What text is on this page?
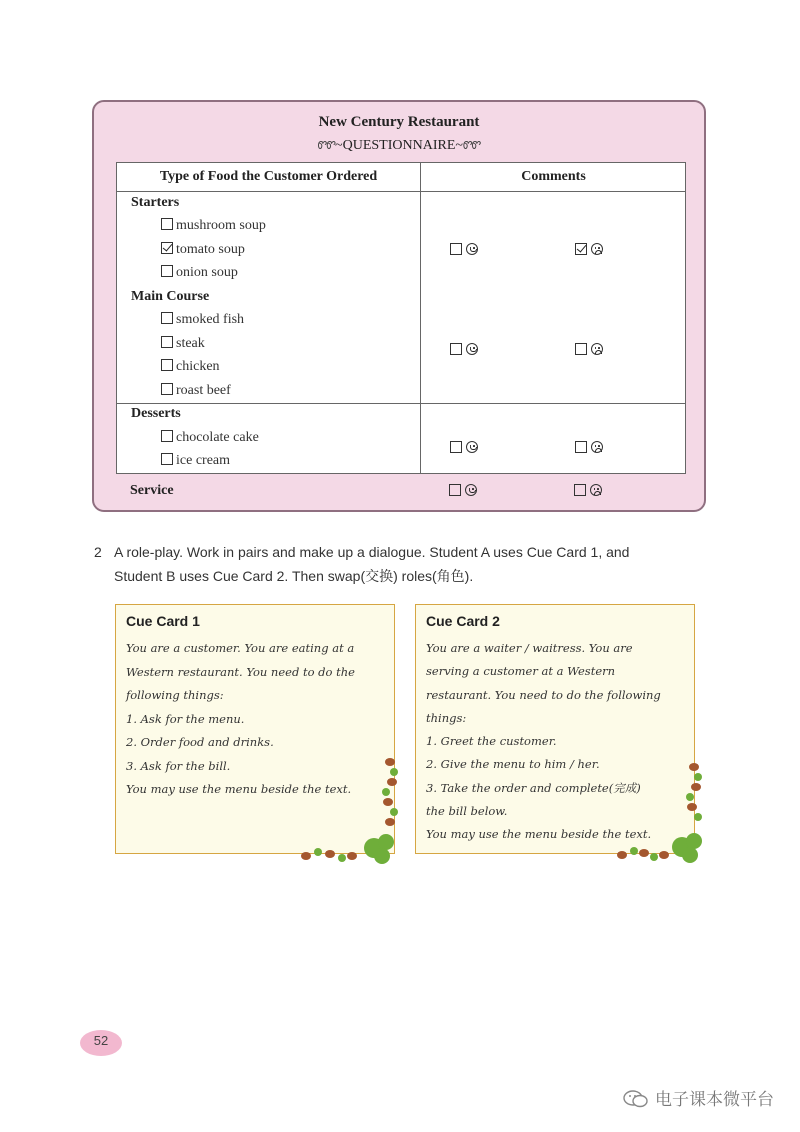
New Century Restaurant
ᏛᏛ~QUESTIONNAIRE~ᏛᏛ
Type of Food the Customer Ordered	Comments
Starters
mushroom soup
tomato soup
onion soup
Main Course
smoked fish
steak
chicken
roast beef
Desserts
chocolate cake
ice cream
Service
2 A role-play. Work in pairs and make up a dialogue. Student A uses Cue Card 1, and
Student B uses Cue Card 2. Then swap(交换) roles(角色).
Cue Card 1
You are a customer. You are eating at a
Western restaurant. You need to do the
following things:
1. Ask for the menu.
2. Order food and drinks.
3. Ask for the bill.
You may use the menu beside the text.
Cue Card 2
You are a waiter / waitress. You are
serving a customer at a Western
restaurant. You need to do the following
things:
1. Greet the customer.
2. Give the menu to him / her.
3. Take the order and complete(完成)
the bill below.
You may use the menu beside the text.
52
电子课本微平台
